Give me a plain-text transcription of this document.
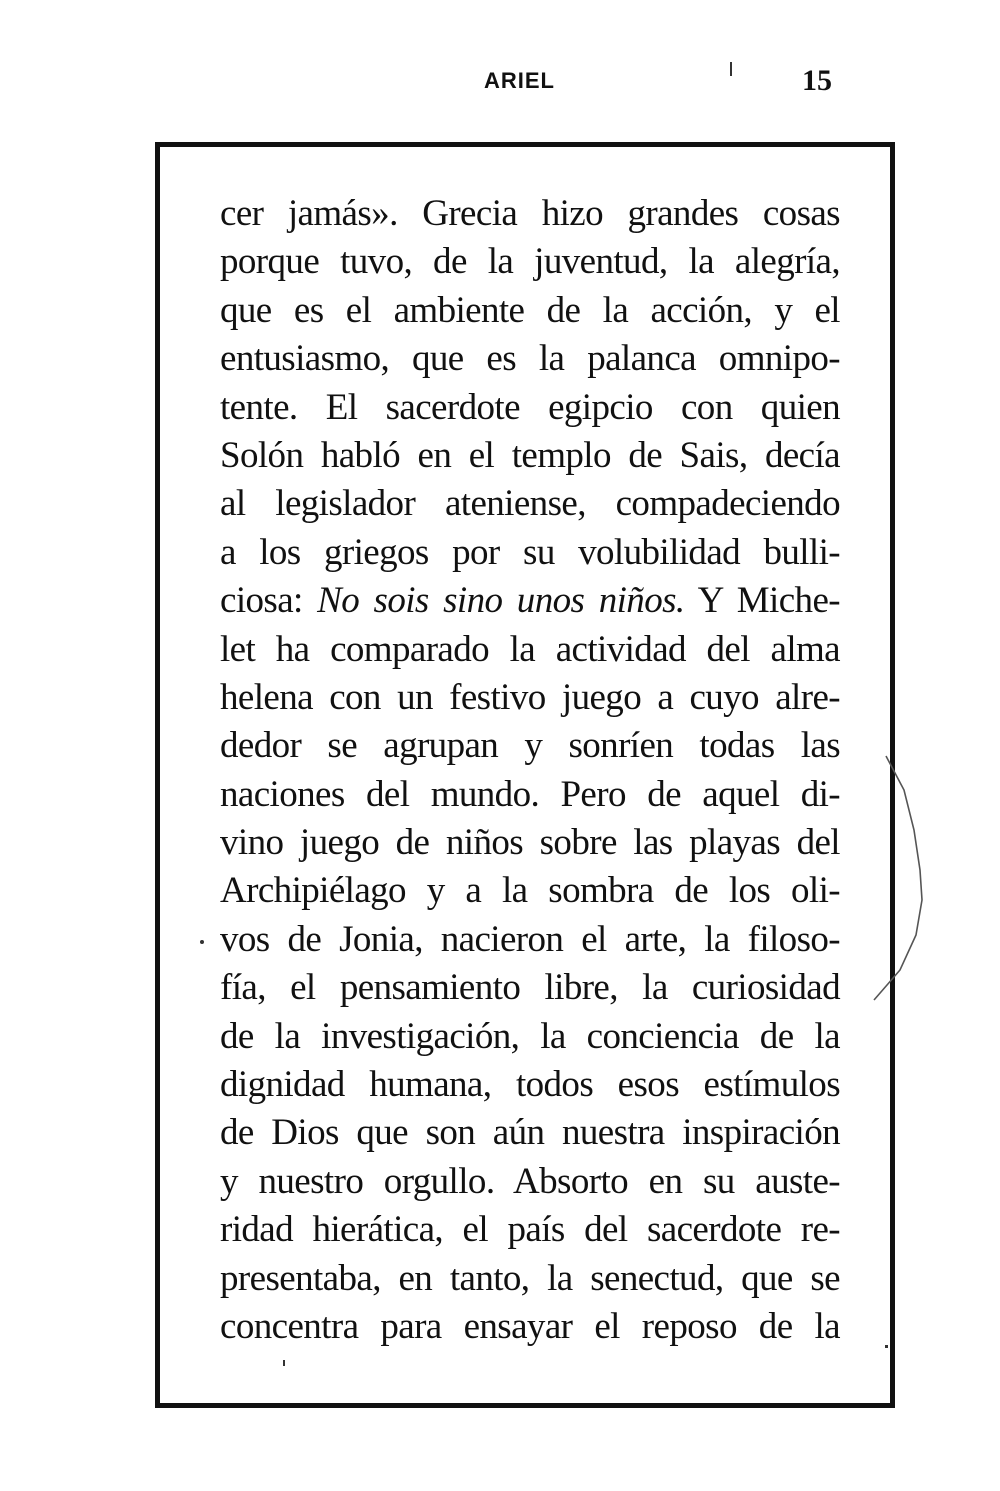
ARIEL	15
cer jamás». Grecia hizo grandes cosas
porque tuvo, de la juventud, la alegría,
que es el ambiente de la acción, y el
entusiasmo, que es la palanca omnipo-
tente. El sacerdote egipcio con quien
Solón habló en el templo de Sais, decía
al legislador ateniense, compadeciendo
a los griegos por su volubilidad bulli-
ciosa: No sois sino unos niños. Y Miche-
let ha comparado la actividad del alma
helena con un festivo juego a cuyo alre-
dedor se agrupan y sonríen todas las
naciones del mundo. Pero de aquel di-
vino juego de niños sobre las playas del
Archipiélago y a la sombra de los oli-
vos de Jonia, nacieron el arte, la filoso-
fía, el pensamiento libre, la curiosidad
de la investigación, la conciencia de la
dignidad humana, todos esos estímulos
de Dios que son aún nuestra inspiración
y nuestro orgullo. Absorto en su auste-
ridad hierática, el país del sacerdote re-
presentaba, en tanto, la senectud, que se
concentra para ensayar el reposo de la
